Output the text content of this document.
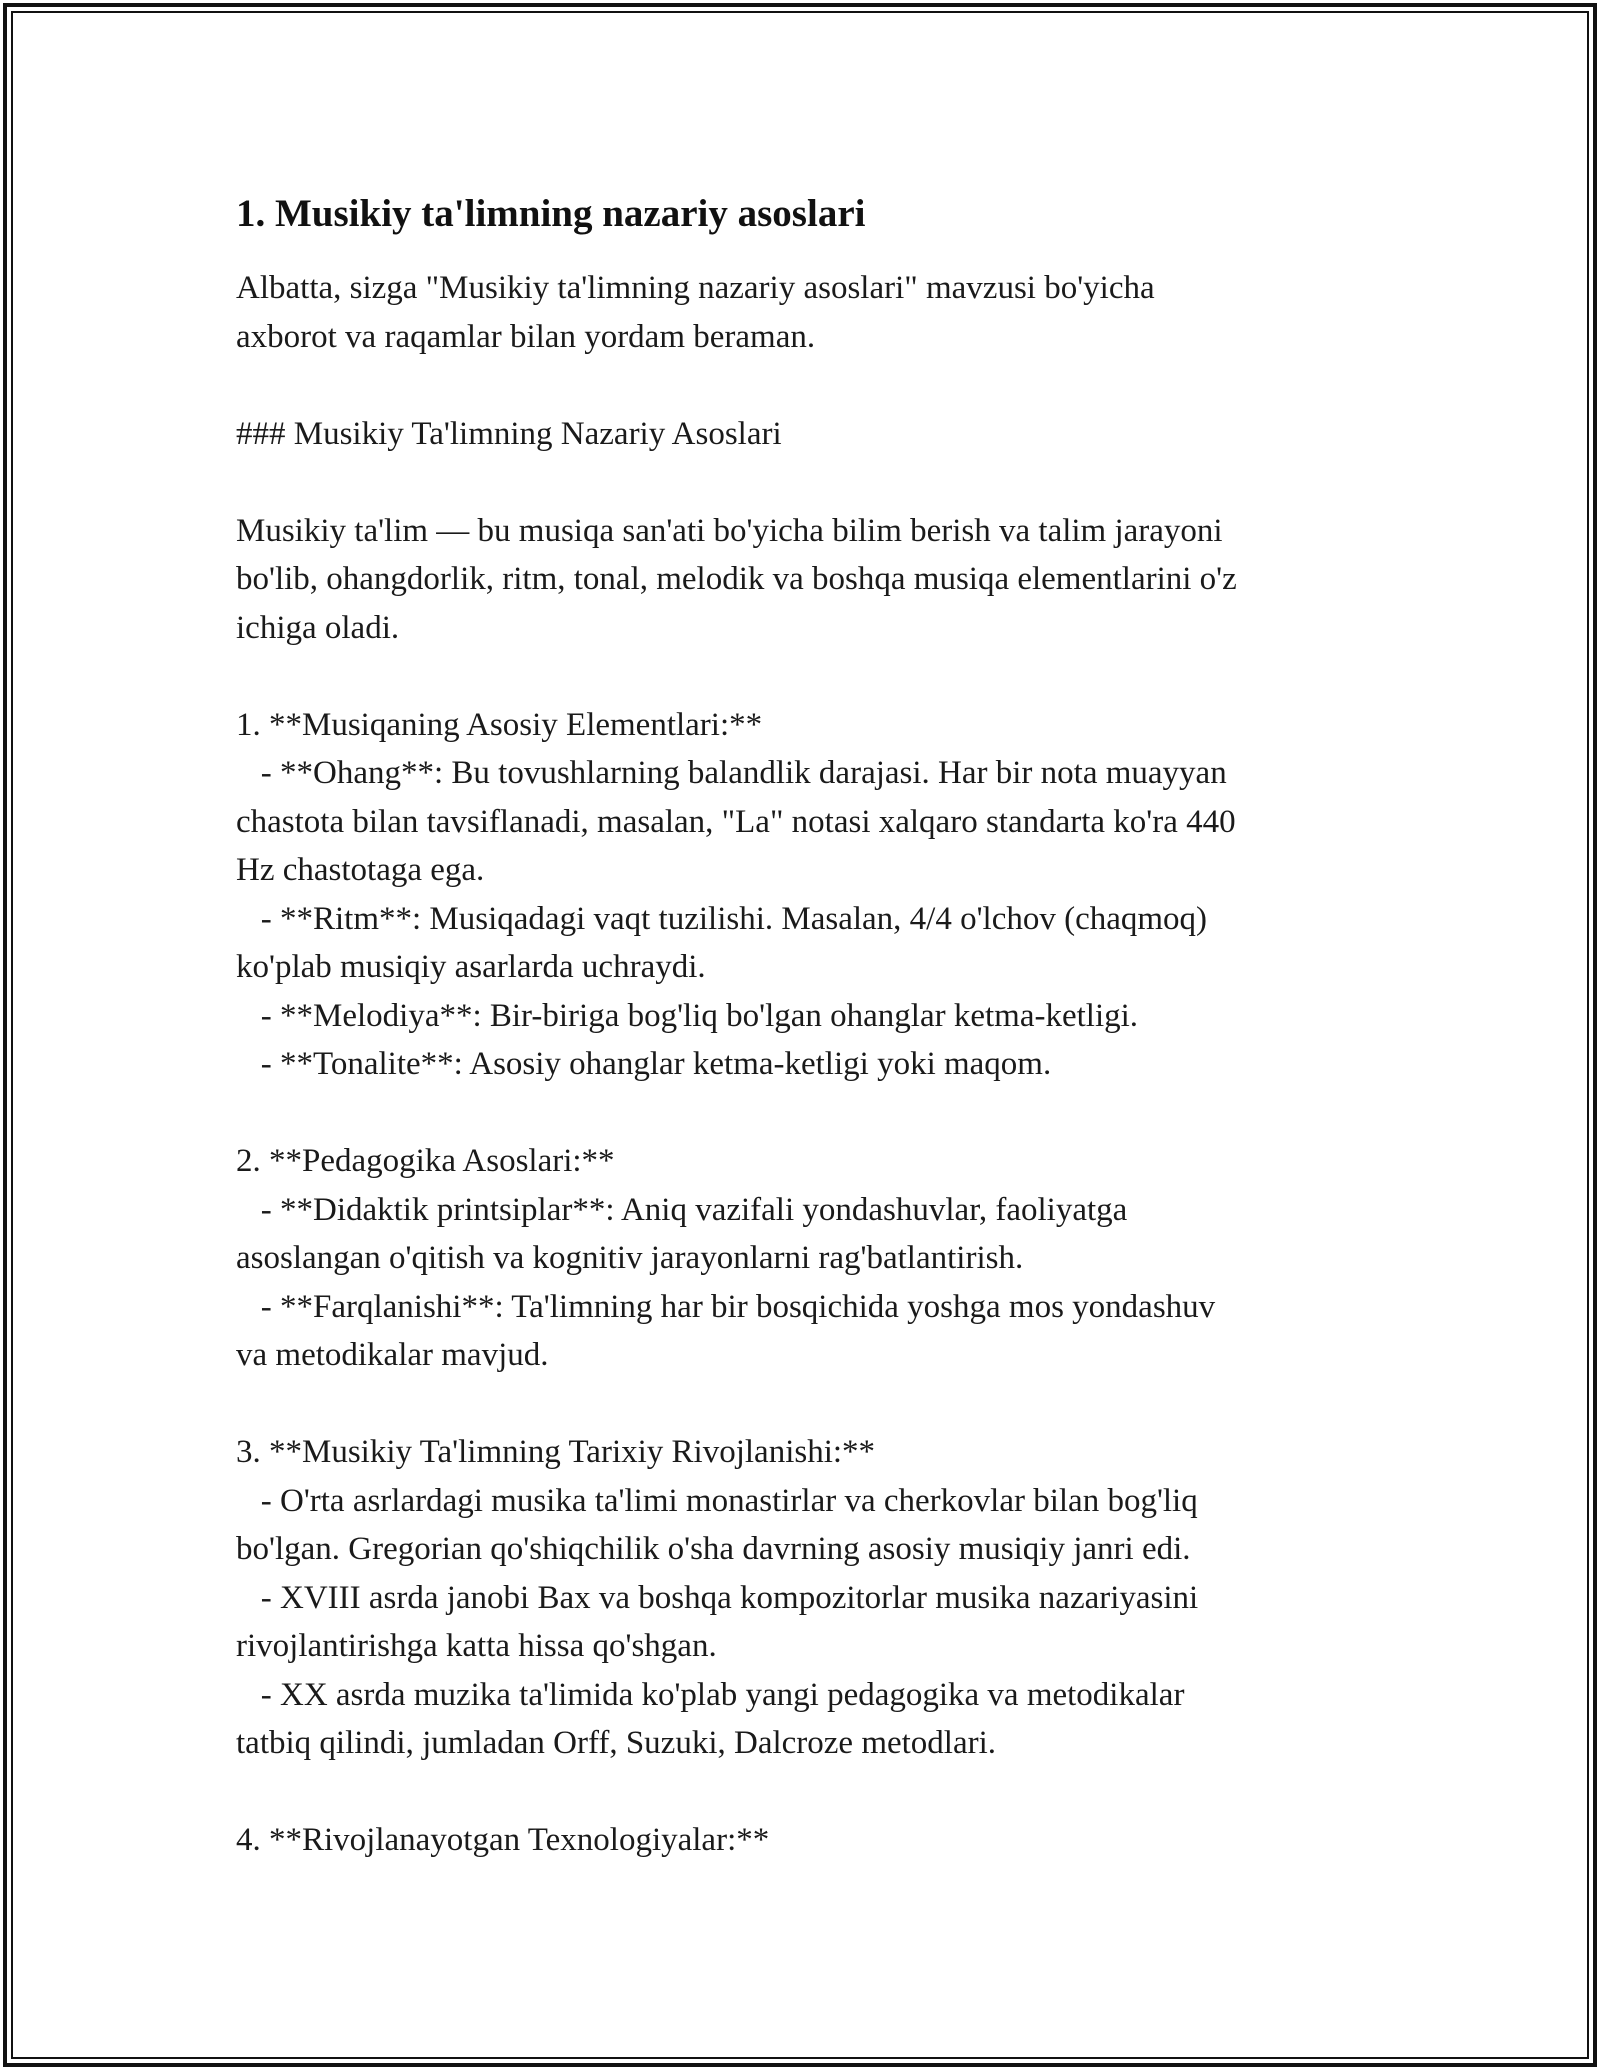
1. Musikiy ta'limning nazariy asoslari

Albatta, sizga "Musikiy ta'limning nazariy asoslari" mavzusi bo'yicha
axborot va raqamlar bilan yordam beraman.

### Musikiy Ta'limning Nazariy Asoslari

Musikiy ta'lim — bu musiqa san'ati bo'yicha bilim berish va talim jarayoni
bo'lib, ohangdorlik, ritm, tonal, melodik va boshqa musiqa elementlarini o'z
ichiga oladi.

1. **Musiqaning Asosiy Elementlari:**
- **Ohang**: Bu tovushlarning balandlik darajasi. Har bir nota muayyan
chastota bilan tavsiflanadi, masalan, "La" notasi xalqaro standarta ko'ra 440
Hz chastotaga ega.
- **Ritm**: Musiqadagi vaqt tuzilishi. Masalan, 4/4 o'lchov (chaqmoq)
ko'plab musiqiy asarlarda uchraydi.
- **Melodiya**: Bir-biriga bog'liq bo'lgan ohanglar ketma-ketligi.
- **Tonalite**: Asosiy ohanglar ketma-ketligi yoki maqom.

2. **Pedagogika Asoslari:**
- **Didaktik printsiplar**: Aniq vazifali yondashuvlar, faoliyatga
asoslangan o'qitish va kognitiv jarayonlarni rag'batlantirish.
- **Farqlanishi**: Ta'limning har bir bosqichida yoshga mos yondashuv
va metodikalar mavjud.

3. **Musikiy Ta'limning Tarixiy Rivojlanishi:**
- O'rta asrlardagi musika ta'limi monastirlar va cherkovlar bilan bog'liq
bo'lgan. Gregorian qo'shiqchilik o'sha davrning asosiy musiqiy janri edi.
- XVIII asrda janobi Bax va boshqa kompozitorlar musika nazariyasini
rivojlantirishga katta hissa qo'shgan.
- XX asrda muzika ta'limida ko'plab yangi pedagogika va metodikalar
tatbiq qilindi, jumladan Orff, Suzuki, Dalcroze metodlari.

4. **Rivojlanayotgan Texnologiyalar:**
